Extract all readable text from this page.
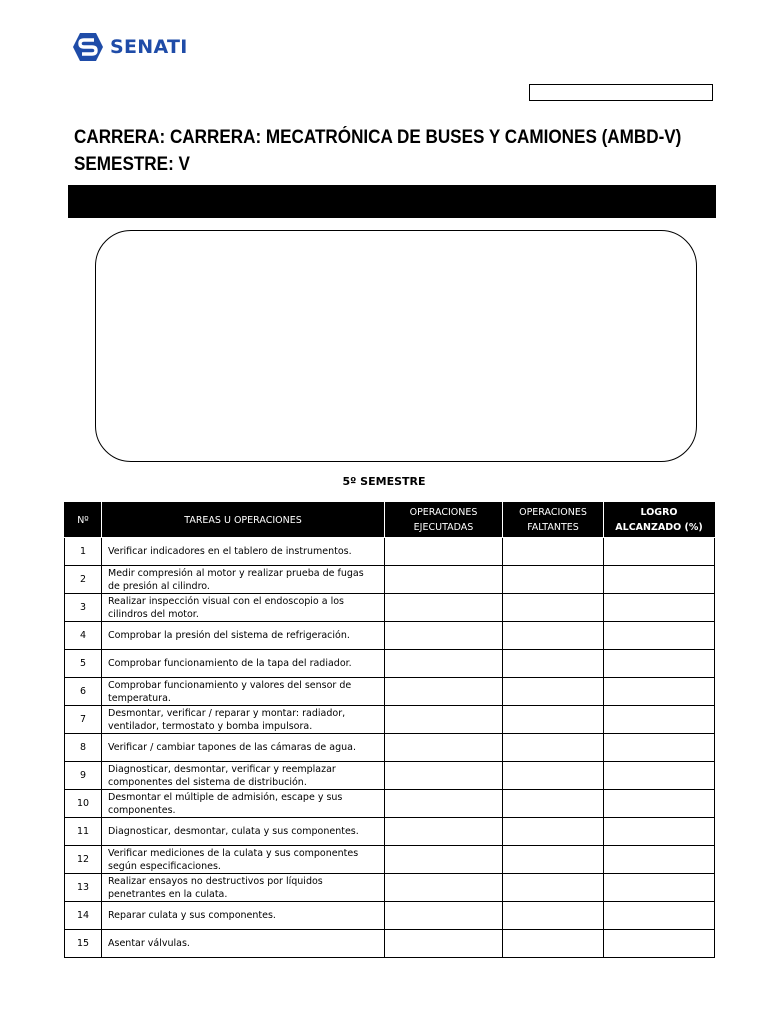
SENATI
CARRERA: CARRERA: MECATRÓNICA DE BUSES Y CAMIONES (AMBD-V)
SEMESTRE: V
5º SEMESTRE
Nº	TAREAS U OPERACIONES	OPERACIONES EJECUTADAS	OPERACIONES FALTANTES	LOGRO ALCANZADO (%)
1	Verificar indicadores en el tablero de instrumentos.			
2	Medir compresión al motor y realizar prueba de fugas de presión al cilindro.			
3	Realizar inspección visual con el endoscopio a los cilindros del motor.			
4	Comprobar la presión del sistema de refrigeración.			
5	Comprobar funcionamiento de la tapa del radiador.			
6	Comprobar funcionamiento y valores del sensor de temperatura.			
7	Desmontar, verificar / reparar y montar: radiador, ventilador, termostato y bomba impulsora.			
8	Verificar / cambiar tapones de las cámaras de agua.			
9	Diagnosticar, desmontar, verificar y reemplazar componentes del sistema de distribución.			
10	Desmontar el múltiple de admisión, escape y sus componentes.			
11	Diagnosticar, desmontar, culata y sus componentes.			
12	Verificar mediciones de la culata y sus componentes según especificaciones.			
13	Realizar ensayos no destructivos por líquidos penetrantes en la culata.			
14	Reparar culata y sus componentes.			
15	Asentar válvulas.			
